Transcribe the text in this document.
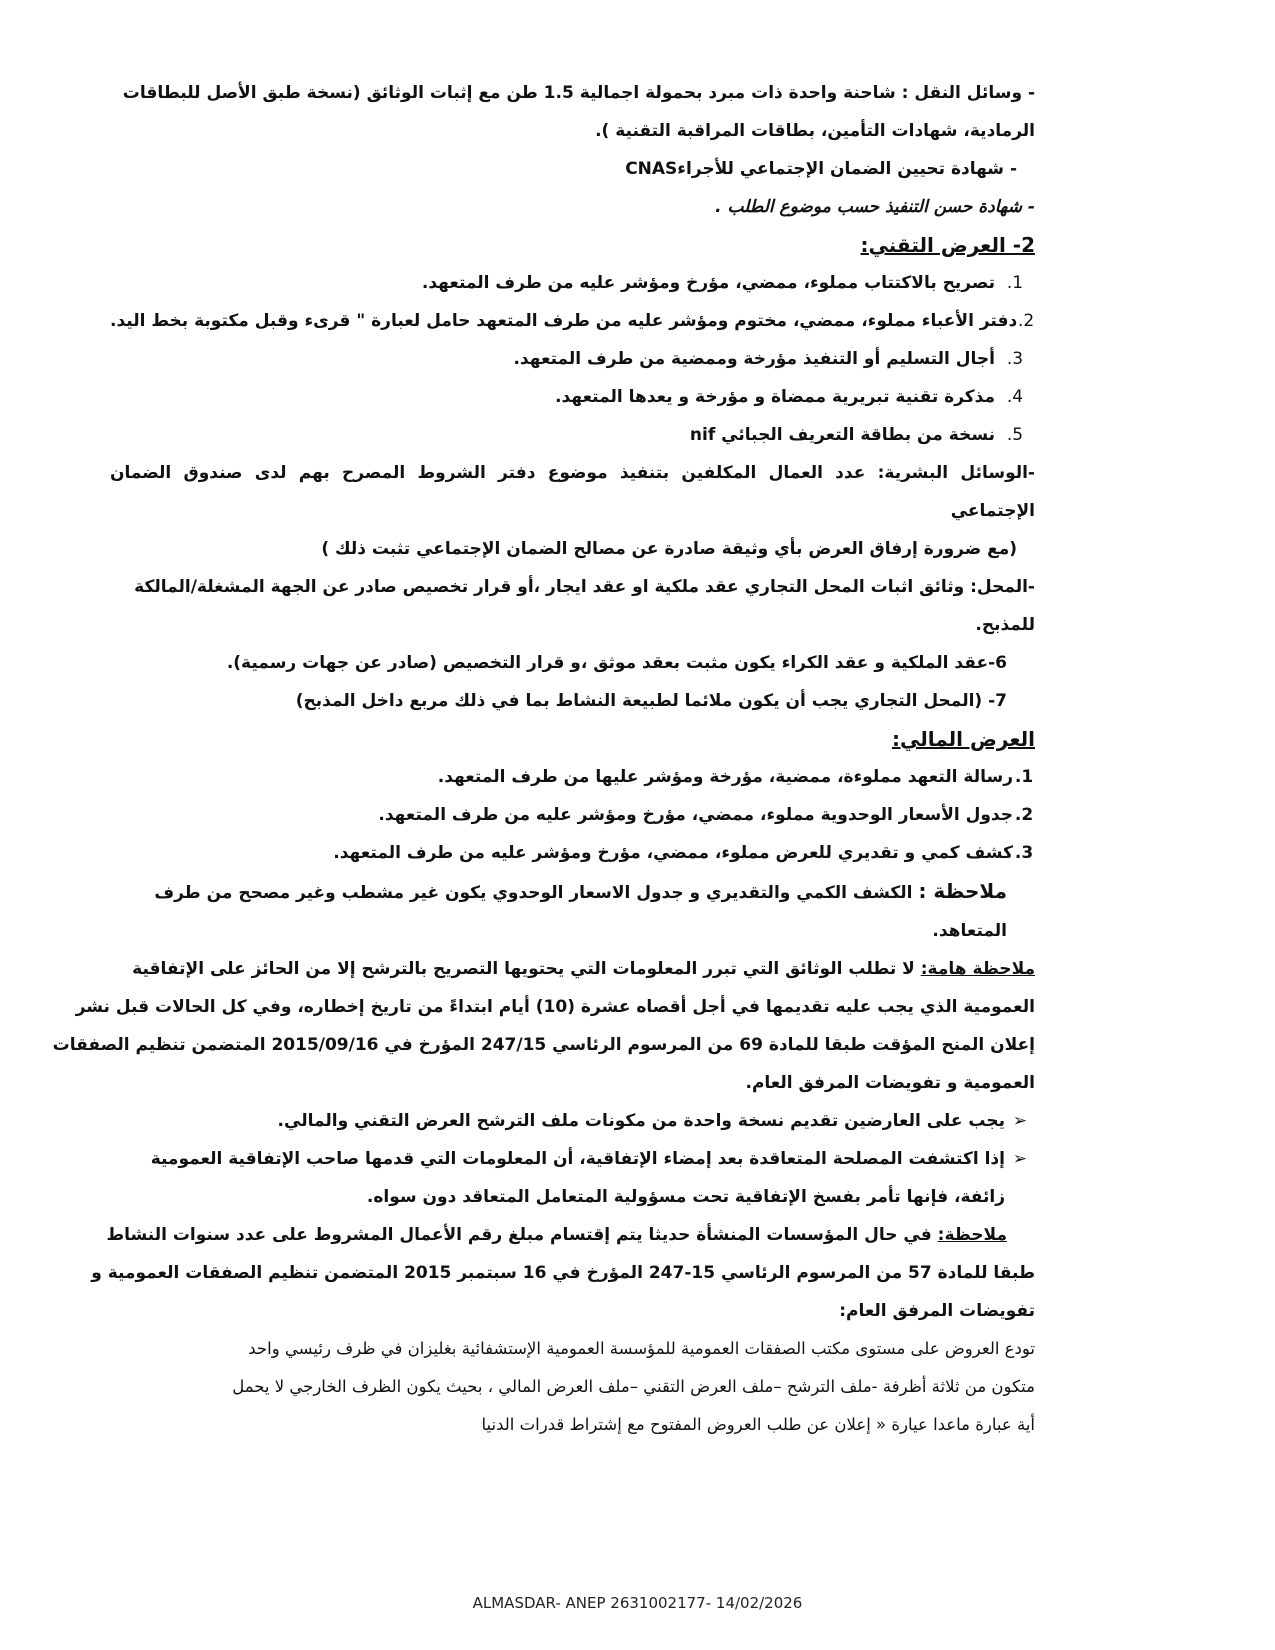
- وسائل النقل : شاحنة واحدة ذات مبرد بحمولة اجمالية 1.5 طن مع إثبات الوثائق (نسخة طبق الأصل للبطاقات
الرمادية، شهادات التأمين، بطاقات المراقبة التقنية ).
- شهادة تحيين الضمان الإجتماعي للأجراءCNAS
- شهادة حسن التنفيذ حسب موضوع الطلب .
2- العرض التقني:
1.
تصريح بالاكتتاب مملوء، ممضي، مؤرخ ومؤشر عليه من طرف المتعهد.
2.
دفتر الأعباء مملوء، ممضي، مختوم ومؤشر عليه من طرف المتعهد حامل لعبارة " قرىء وقبل مكتوبة بخط اليد.
3.
أجال التسليم أو التنفيذ مؤرخة وممضية من طرف المتعهد.
4.
مذكرة تقنية تبريرية ممضاة و مؤرخة و يعدها المتعهد.
5.
نسخة من بطاقة التعريف الجبائي nif
-الوسائل البشرية: عدد العمال المكلفين بتنفيذ موضوع دفتر الشروط المصرح بهم لدى صندوق الضمان الإجتماعي
(مع ضرورة إرفاق العرض بأي وثيقة صادرة عن مصالح الضمان الإجتماعي تثبت ذلك )
-المحل: وثائق اثبات المحل التجاري عقد ملكية او عقد ايجار ،أو قرار تخصيص صادر عن الجهة المشغلة/المالكة
للمذبح.
6-عقد الملكية و عقد الكراء يكون مثبت بعقد موثق ،و قرار التخصيص (صادر عن جهات رسمية).
7- (المحل التجاري يجب أن يكون ملائما لطبيعة النشاط بما في ذلك مربع داخل المذبح)
العرض المالي:
1.
رسالة التعهد مملوءة، ممضية، مؤرخة ومؤشر عليها من طرف المتعهد.
2.
جدول الأسعار الوحدوية مملوء، ممضي، مؤرخ ومؤشر عليه من طرف المتعهد.
3.
كشف كمي و تقديري للعرض مملوء، ممضي، مؤرخ ومؤشر عليه من طرف المتعهد.
ملاحظة : الكشف الكمي والتقديري و جدول الاسعار الوحدوي يكون غير مشطب وغير مصحح من طرف
المتعاهد.
ملاحظة هامة: لا تطلب الوثائق التي تبرر المعلومات التي يحتويها التصريح بالترشح إلا من الحائز على الإتفاقية
العمومية الذي يجب عليه تقديمها في أجل أقصاه عشرة (10) أيام ابتداءً من تاريخ إخطاره، وفي كل الحالات قبل نشر
إعلان المنح المؤقت طبقا للمادة 69 من المرسوم الرئاسي 247/15 المؤرخ في 2015/09/16 المتضمن تنظيم الصفقات
العمومية و تفويضات المرفق العام.
➢
يجب على العارضين تقديم نسخة واحدة من مكونات ملف الترشح العرض التقني والمالي.
➢
إذا اكتشفت المصلحة المتعاقدة بعد إمضاء الإتفاقية، أن المعلومات التي قدمها صاحب الإتفاقية العمومية
زائفة، فإنها تأمر بفسخ الإتفاقية تحت مسؤولية المتعامل المتعاقد دون سواه.
ملاحظة: في حال المؤسسات المنشأة حديثا يتم إقتسام مبلغ رقم الأعمال المشروط على عدد سنوات النشاط
طبقا للمادة 57 من المرسوم الرئاسي 15-247 المؤرخ في 16 سبتمبر 2015 المتضمن تنظيم الصفقات العمومية و
تفويضات المرفق العام:
تودع العروض على مستوى مكتب الصفقات العمومية للمؤسسة العمومية الإستشفائية بغليزان في ظرف رئيسي واحد
متكون من ثلاثة أظرفة -ملف الترشح –ملف العرض التقني –ملف العرض المالي ، بحيث يكون الظرف الخارجي لا يحمل
أية عبارة ماعدا عيارة « إعلان عن طلب العروض المفتوح مع إشتراط قدرات الدنيا
ALMASDAR- ANEP 2631002177- 14/02/2026
